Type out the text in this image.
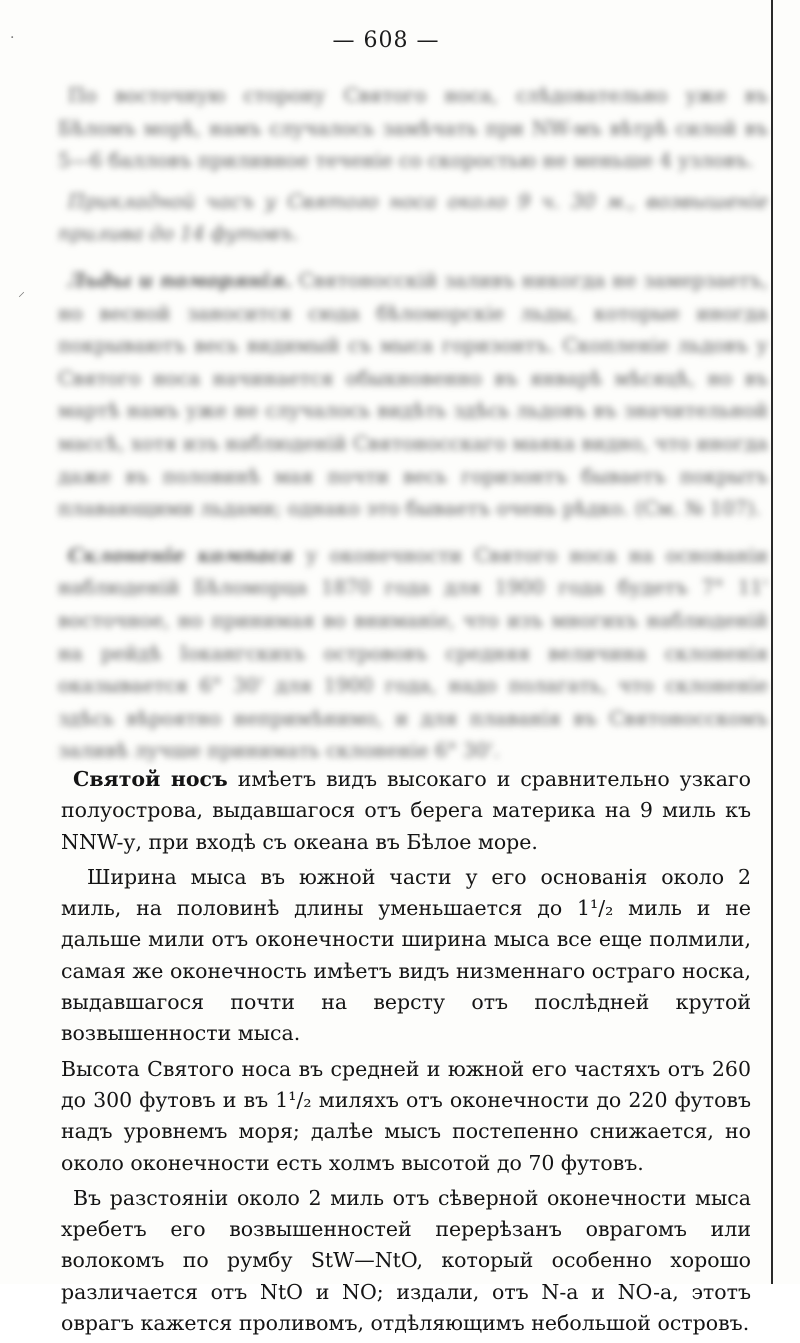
·
⸝
— 608 —

По восточную сторону Святого носа, слѣдовательно уже въ Бѣломъ морѣ, намъ случалось замѣчать при NW-мъ вѣтрѣ силой въ 5—6 балловъ приливное теченіе со скоростью не меньше 4 узловъ.

Прикладной часъ у Святого носа около 9 ч. 30 м., возвышеніе прилива до 14 футовъ.

Льды и поморянія. Святоносскій заливъ никогда не замерзаетъ, но весной заносится сюда бѣломорскіе льды, которые иногда покрываютъ весь видимый съ мыса горизонтъ. Скопленіе льдовъ у Святого носа начинается обыкновенно въ январѣ мѣсяцѣ, но въ мартѣ намъ уже не случалось видѣть здѣсь льдовъ въ значительной массѣ, хотя изъ наблюденій Святоносскаго маяка видно, что иногда даже въ половинѣ мая почти весь горизонтъ бываетъ покрытъ плавающими льдами; однако это бываетъ очень рѣдко. (См. № 107).

Склоненіе компаса у оконечности Святого носа на основаніи наблюденій Бѣломорца 1870 года для 1900 года будетъ 7° 11' восточное, но принимая во вниманіе, что изъ многихъ наблюденій на рейдѣ Іокангскихъ острововъ средняя величина склоненія оказывается 6° 30' для 1900 года, надо полагать, что склоненіе здѣсь вѣроятно непримѣнимо, и для плаванія въ Святоносскомъ заливѣ лучше принимать склоненіе 6° 30'.

Святой носъ имѣетъ видъ высокаго и сравнительно узкаго полуострова, выдавшагося отъ берега материка на 9 миль къ NNW-у, при входѣ съ океана въ Бѣлое море.

Ширина мыса въ южной части у его основанія около 2 миль, на половинѣ длины уменьшается до 1¹/₂ миль и не дальше мили отъ оконечности ширина мыса все еще полмили, самая же оконечность имѣетъ видъ низменнаго остраго носка, выдавшагося почти на версту отъ послѣдней крутой возвышенности мыса.

Высота Святого носа въ средней и южной его частяхъ отъ 260 до 300 футовъ и въ 1¹/₂ миляхъ отъ оконечности до 220 футовъ надъ уровнемъ моря; далѣе мысъ постепенно снижается, но около оконечности есть холмъ высотой до 70 футовъ.

Въ разстояніи около 2 миль отъ сѣверной оконечности мыса хребетъ его возвышенностей перерѣзанъ оврагомъ или волокомъ по румбу StW—NtO, который особенно хорошо различается отъ NtO и NO; издали, отъ N-а и NO-а, этотъ оврагъ кажется проливомъ, отдѣляющимъ небольшой островъ.
